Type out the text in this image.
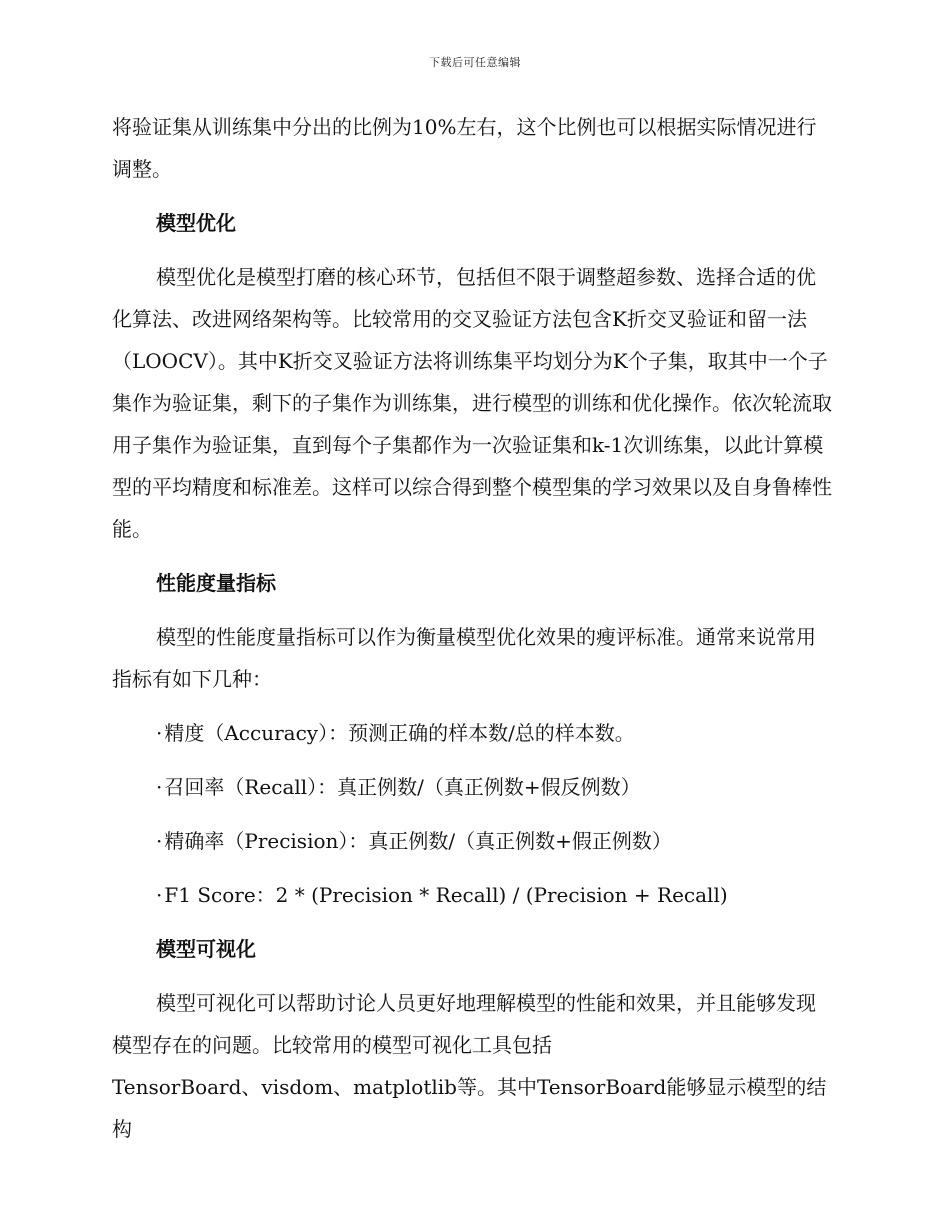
下载后可任意编辑

将验证集从训练集中分出的比例为10%左右，这个比例也可以根据实际情况进行调整。

模型优化

模型优化是模型打磨的核心环节，包括但不限于调整超参数、选择合适的优化算法、改进网络架构等。比较常用的交叉验证方法包含K折交叉验证和留一法（LOOCV）。其中K折交叉验证方法将训练集平均划分为K个子集，取其中一个子集作为验证集，剩下的子集作为训练集，进行模型的训练和优化操作。依次轮流取用子集作为验证集，直到每个子集都作为一次验证集和k-1次训练集，以此计算模型的平均精度和标准差。这样可以综合得到整个模型集的学习效果以及自身鲁棒性能。

性能度量指标

模型的性能度量指标可以作为衡量模型优化效果的瘦评标准。通常来说常用指标有如下几种：

· 精度（Accuracy）：预测正确的样本数/总的样本数。
· 召回率（Recall）：真正例数/（真正例数+假反例数）
· 精确率（Precision）：真正例数/（真正例数+假正例数）
· F1 Score：2 * (Precision * Recall) / (Precision + Recall)
模型可视化

模型可视化可以帮助讨论人员更好地理解模型的性能和效果，并且能够发现模型存在的问题。比较常用的模型可视化工具包括

TensorBoard、visdom、matplotlib等。其中TensorBoard能够显示模型的结构
